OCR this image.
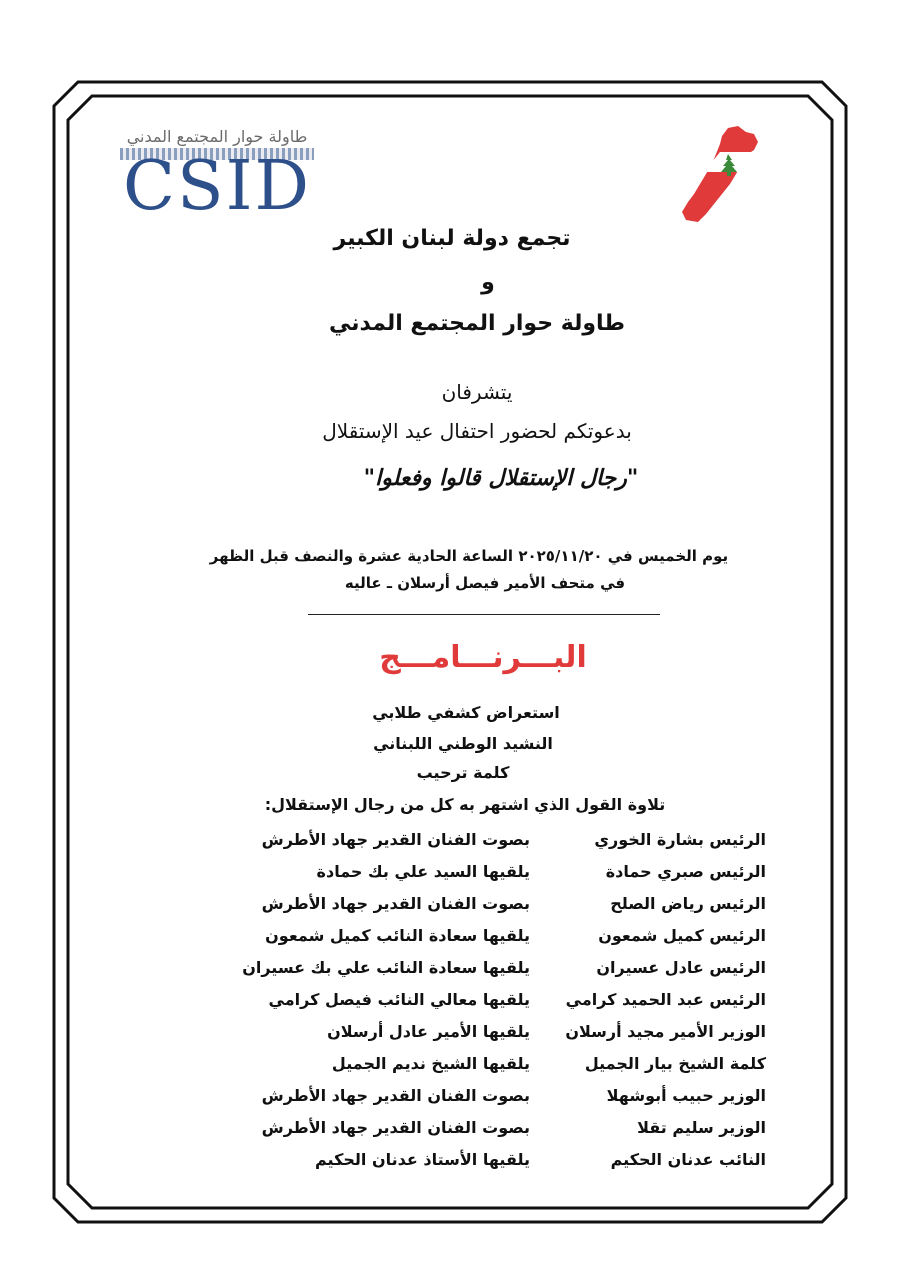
طاولة حوار المجتمع المدني
CSID
تجمع دولة لبنان الكبير
و
طاولة حوار المجتمع المدني
يتشرفان
بدعوتكم لحضور احتفال عيد الإستقلال
"رجال الإستقلال قالوا وفعلوا"
يوم الخميس في ٢٠٢٥/١١/٢٠ الساعة الحادية عشرة والنصف قبل الظهر
في متحف الأمير فيصل أرسلان ـ عاليه
البـــرنـــامـــج
استعراض كشفي طلابي
النشيد الوطني اللبناني
كلمة ترحيب
تلاوة القول الذي اشتهر به كل من رجال الإستقلال:
الرئيس بشارة الخوري
بصوت الفنان القدير جهاد الأطرش
الرئيس صبري حمادة
يلقيها السيد علي بك حمادة
الرئيس رياض الصلح
بصوت الفنان القدير جهاد الأطرش
الرئيس كميل شمعون
يلقيها سعادة النائب كميل شمعون
الرئيس عادل عسيران
يلقيها سعادة النائب علي بك عسيران
الرئيس عبد الحميد كرامي
يلقيها معالي النائب فيصل كرامي
الوزير الأمير مجيد أرسلان
يلقيها الأمير عادل أرسلان
كلمة الشيخ بيار الجميل
يلقيها الشيخ نديم الجميل
الوزير حبيب أبوشهلا
بصوت الفنان القدير جهاد الأطرش
الوزير سليم تقلا
بصوت الفنان القدير جهاد الأطرش
النائب عدنان الحكيم
يلقيها الأستاذ عدنان الحكيم
